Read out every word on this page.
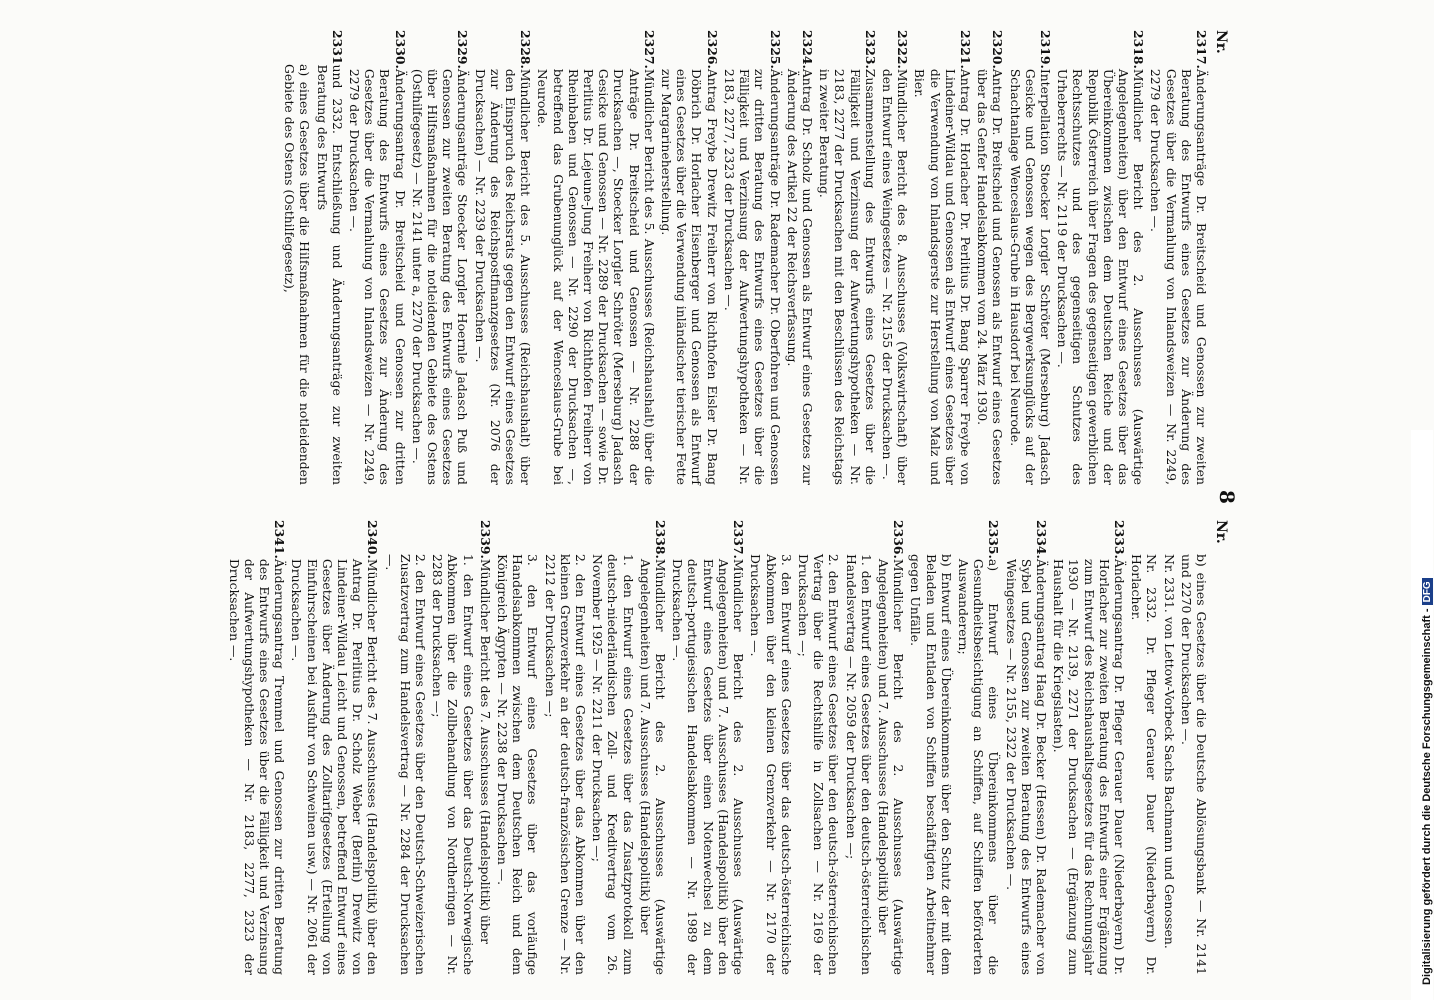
Nr.
8
Nr.
2317.
Änderungsanträge Dr. Breitscheid und Genossen zur zweiten Beratung des Entwurfs eines Gesetzes zur Änderung des Gesetzes über die Vermahlung von Inlandsweizen — Nr. 2249, 2279 der Drucksachen —.
2318.
Mündlicher Bericht des 2. Ausschusses (Auswärtige Angelegenheiten) über den Entwurf eines Gesetzes über das Übereinkommen zwischen dem Deutschen Reiche und der Republik Österreich über Fragen des gegenseitigen gewerblichen Rechtsschutzes und des gegenseitigen Schutzes des Urheberrechts — Nr. 2119 der Drucksachen —.
2319.
Interpellation Stoecker Lorgler Schröter (Merseburg) Jadasch Gesicke und Genossen wegen des Bergwerksunglücks auf der Schachtanlage Wenceslaus-Grube in Hausdorf bei Neurode.
2320.
Antrag Dr. Breitscheid und Genossen als Entwurf eines Gesetzes über das Genfer Handelsabkommen vom 24. März 1930.
2321.
Antrag Dr. Horlacher Dr. Perlitius Dr. Bang Sparrer Freybe von Lindeiner-Wildau und Genossen als Entwurf eines Gesetzes über die Verwendung von Inlandsgerste zur Herstellung von Malz und Bier.
2322.
Mündlicher Bericht des 8. Ausschusses (Volkswirtschaft) über den Entwurf eines Weingesetzes — Nr. 2155 der Drucksachen —.
2323.
Zusammenstellung des Entwurfs eines Gesetzes über die Fälligkeit und Verzinsung der Aufwertungshypotheken — Nr. 2183, 2277 der Drucksachen mit den Beschlüssen des Reichstags in zweiter Beratung.
2324.
Antrag Dr. Scholz und Genossen als Entwurf eines Gesetzes zur Änderung des Artikel 22 der Reichsverfassung.
2325.
Änderungsanträge Dr. Rademacher Dr. Oberfohren und Genossen zur dritten Beratung des Entwurfs eines Gesetzes über die Fälligkeit und Verzinsung der Aufwertungshypotheken — Nr. 2183, 2277, 2323 der Drucksachen —.
2326.
Antrag Freybe Drewitz Freiherr von Richthofen Eisler Dr. Bang Döbrich Dr. Horlacher Eisenberger und Genossen als Entwurf eines Gesetzes über die Verwendung inländischer tierischer Fette zur Margarineherstellung.
2327.
Mündlicher Bericht des 5. Ausschusses (Reichshaushalt) über die Anträge Dr. Breitscheid und Genossen — Nr. 2288 der Drucksachen —, Stoecker Lorgler Schröter (Merseburg) Jadasch Gesicke und Genossen — Nr. 2289 der Drucksachen — sowie Dr. Perlitius Dr. Lejeune-Jung Freiherr von Richthofen Freiherr von Rheinbaben und Genossen — Nr. 2290 der Drucksachen —, betreffend das Grubenunglück auf der Wenceslaus-Grube bei Neurode.
2328.
Mündlicher Bericht des 5. Ausschusses (Reichshaushalt) über den Einspruch des Reichsrats gegen den Entwurf eines Gesetzes zur Änderung des Reichspostfinanzgesetzes (Nr. 2076 der Drucksachen) — Nr. 2239 der Drucksachen —.
2329.
Änderungsanträge Stoecker Lorgler Hoernle Jadasch Puß und Genossen zur zweiten Beratung des Entwurfs eines Gesetzes über Hilfsmaßnahmen für die notleidenden Gebiete des Ostens (Osthilfegesetz) — Nr. 2141 unter a, 2270 der Drucksachen —.
2330.
Änderungsantrag Dr. Breitscheid und Genossen zur dritten Beratung des Entwurfs eines Gesetzes zur Änderung des Gesetzes über die Vermahlung von Inlandsweizen — Nr. 2249, 2279 der Drucksachen —.
2331
und 2332. Entschließung und Änderungsanträge zur zweiten Beratung des Entwurfs
a) eines Gesetzes über die Hilfsmaßnahmen für die notleidenden Gebiete des Ostens (Osthilfegesetz),
b) eines Gesetzes über die Deutsche Ablösungsbank — Nr. 2141 und 2270 der Drucksachen —.
Nr. 2331. von Lettow-Vorbeck Sachs Bachmann und Genossen.
Nr. 2332. Dr. Pfleger Gerauer Dauer (Niederbayern) Dr. Horlacher.
2333.
Änderungsantrag Dr. Pfleger Gerauer Dauer (Niederbayern) Dr. Horlacher zur zweiten Beratung des Entwurfs einer Ergänzung zum Entwurf des Reichshaushaltsgesetzes für das Rechnungsjahr 1930 — Nr. 2139, 2271 der Drucksachen — (Ergänzung zum Haushalt für die Kriegslasten).
2334.
Änderungsantrag Haag Dr. Becker (Hessen) Dr. Rademacher von Sybel und Genossen zur zweiten Beratung des Entwurfs eines Weingesetzes — Nr. 2155, 2322 der Drucksachen —.
2335.
a) Entwurf eines Übereinkommens über die Gesundheitsbesichtigung an Schiffen, auf Schiffen beförderten Auswanderern;
b) Entwurf eines Übereinkommens über den Schutz der mit dem Beladen und Entladen von Schiffen beschäftigten Arbeitnehmer gegen Unfälle.
2336.
Mündlicher Bericht des 2. Ausschusses (Auswärtige Angelegenheiten) und 7. Ausschusses (Handelspolitik) über
1. den Entwurf eines Gesetzes über den deutsch-österreichischen Handelsvertrag — Nr. 2059 der Drucksachen —;
2. den Entwurf eines Gesetzes über den deutsch-österreichischen Vertrag über die Rechtshilfe in Zollsachen — Nr. 2169 der Drucksachen —;
3. den Entwurf eines Gesetzes über das deutsch-österreichische Abkommen über den kleinen Grenzverkehr — Nr. 2170 der Drucksachen —.
2337.
Mündlicher Bericht des 2. Ausschusses (Auswärtige Angelegenheiten) und 7. Ausschusses (Handelspolitik) über den Entwurf eines Gesetzes über einen Notenwechsel zu dem deutsch-portugiesischen Handelsabkommen — Nr. 1989 der Drucksachen —.
2338.
Mündlicher Bericht des 2. Ausschusses (Auswärtige Angelegenheiten) und 7. Ausschusses (Handelspolitik) über
1. den Entwurf eines Gesetzes über das Zusatzprotokoll zum deutsch-niederländischen Zoll- und Kreditvertrag vom 26. November 1925 — Nr. 2211 der Drucksachen —;
2. den Entwurf eines Gesetzes über das Abkommen über den kleinen Grenzverkehr an der deutsch-französischen Grenze — Nr. 2212 der Drucksachen —;
3. den Entwurf eines Gesetzes über das vorläufige Handelsabkommen zwischen dem Deutschen Reich und dem Königreich Ägypten — Nr. 2238 der Drucksachen —.
2339.
Mündlicher Bericht des 7. Ausschusses (Handelspolitik) über
1. den Entwurf eines Gesetzes über das Deutsch-Norwegische Abkommen über die Zollbehandlung von Nordheringen — Nr. 2283 der Drucksachen —;
2. den Entwurf eines Gesetzes über den Deutsch-Schweizerischen Zusatzvertrag zum Handelsvertrag — Nr. 2284 der Drucksachen —.
2340.
Mündlicher Bericht des 7. Ausschusses (Handelspolitik) über den Antrag Dr. Perlitius Dr. Scholz Weber (Berlin) Drewitz von Lindeiner-Wildau Leicht und Genossen, betreffend Entwurf eines Gesetzes über Änderung des Zolltarifgesetzes (Erteilung von Einfuhrscheinen bei Ausfuhr von Schweinen usw.) — Nr. 2061 der Drucksachen —.
2341.
Änderungsantrag Tremmel und Genossen zur dritten Beratung des Entwurfs eines Gesetzes über die Fälligkeit und Verzinsung der Aufwertungshypotheken — Nr. 2183, 2277, 2323 der Drucksachen —.
Digitalisierung gefördert durch die Deutsche Forschungsgemeinschaft - DFG
